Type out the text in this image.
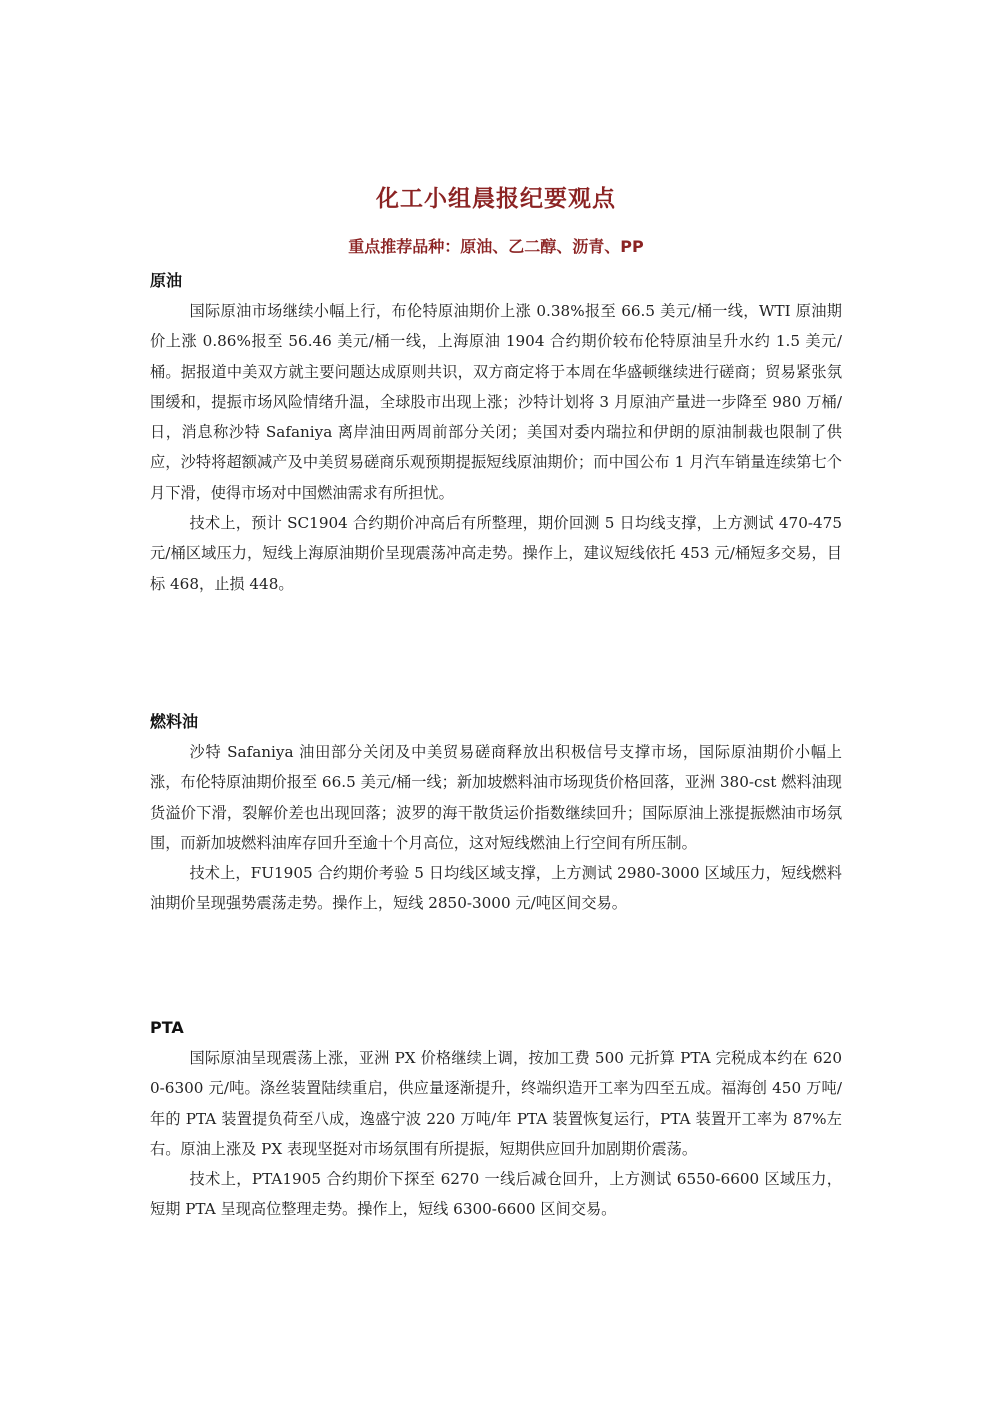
化工小组晨报纪要观点
重点推荐品种：原油、乙二醇、沥青、PP
原油

国际原油市场继续小幅上行，布伦特原油期价上涨 0.38%报至 66.5 美元/桶一线，WTI 原油期价上涨 0.86%报至 56.46 美元/桶一线，上海原油 1904 合约期价较布伦特原油呈升水约 1.5 美元/桶。据报道中美双方就主要问题达成原则共识，双方商定将于本周在华盛顿继续进行磋商；贸易紧张氛围缓和，提振市场风险情绪升温，全球股市出现上涨；沙特计划将 3 月原油产量进一步降至 980 万桶/日，消息称沙特 Safaniya 离岸油田两周前部分关闭；美国对委内瑞拉和伊朗的原油制裁也限制了供应，沙特将超额减产及中美贸易磋商乐观预期提振短线原油期价；而中国公布 1 月汽车销量连续第七个月下滑，使得市场对中国燃油需求有所担忧。

技术上，预计 SC1904 合约期价冲高后有所整理，期价回测 5 日均线支撑，上方测试 470-475 元/桶区域压力，短线上海原油期价呈现震荡冲高走势。操作上，建议短线依托 453 元/桶短多交易，目标 468，止损 448。

燃料油

沙特 Safaniya 油田部分关闭及中美贸易磋商释放出积极信号支撑市场，国际原油期价小幅上涨，布伦特原油期价报至 66.5 美元/桶一线；新加坡燃料油市场现货价格回落，亚洲 380-cst 燃料油现货溢价下滑，裂解价差也出现回落；波罗的海干散货运价指数继续回升；国际原油上涨提振燃油市场氛围，而新加坡燃料油库存回升至逾十个月高位，这对短线燃油上行空间有所压制。

技术上，FU1905 合约期价考验 5 日均线区域支撑，上方测试 2980-3000 区域压力，短线燃料油期价呈现强势震荡走势。操作上，短线 2850-3000 元/吨区间交易。

PTA

国际原油呈现震荡上涨，亚洲 PX 价格继续上调，按加工费 500 元折算 PTA 完税成本约在 6200-6300 元/吨。涤丝装置陆续重启，供应量逐渐提升，终端织造开工率为四至五成。福海创 450 万吨/年的 PTA 装置提负荷至八成，逸盛宁波 220 万吨/年 PTA 装置恢复运行，PTA 装置开工率为 87%左右。原油上涨及 PX 表现坚挺对市场氛围有所提振，短期供应回升加剧期价震荡。

技术上，PTA1905 合约期价下探至 6270 一线后减仓回升，上方测试 6550-6600 区域压力，短期 PTA 呈现高位整理走势。操作上，短线 6300-6600 区间交易。
